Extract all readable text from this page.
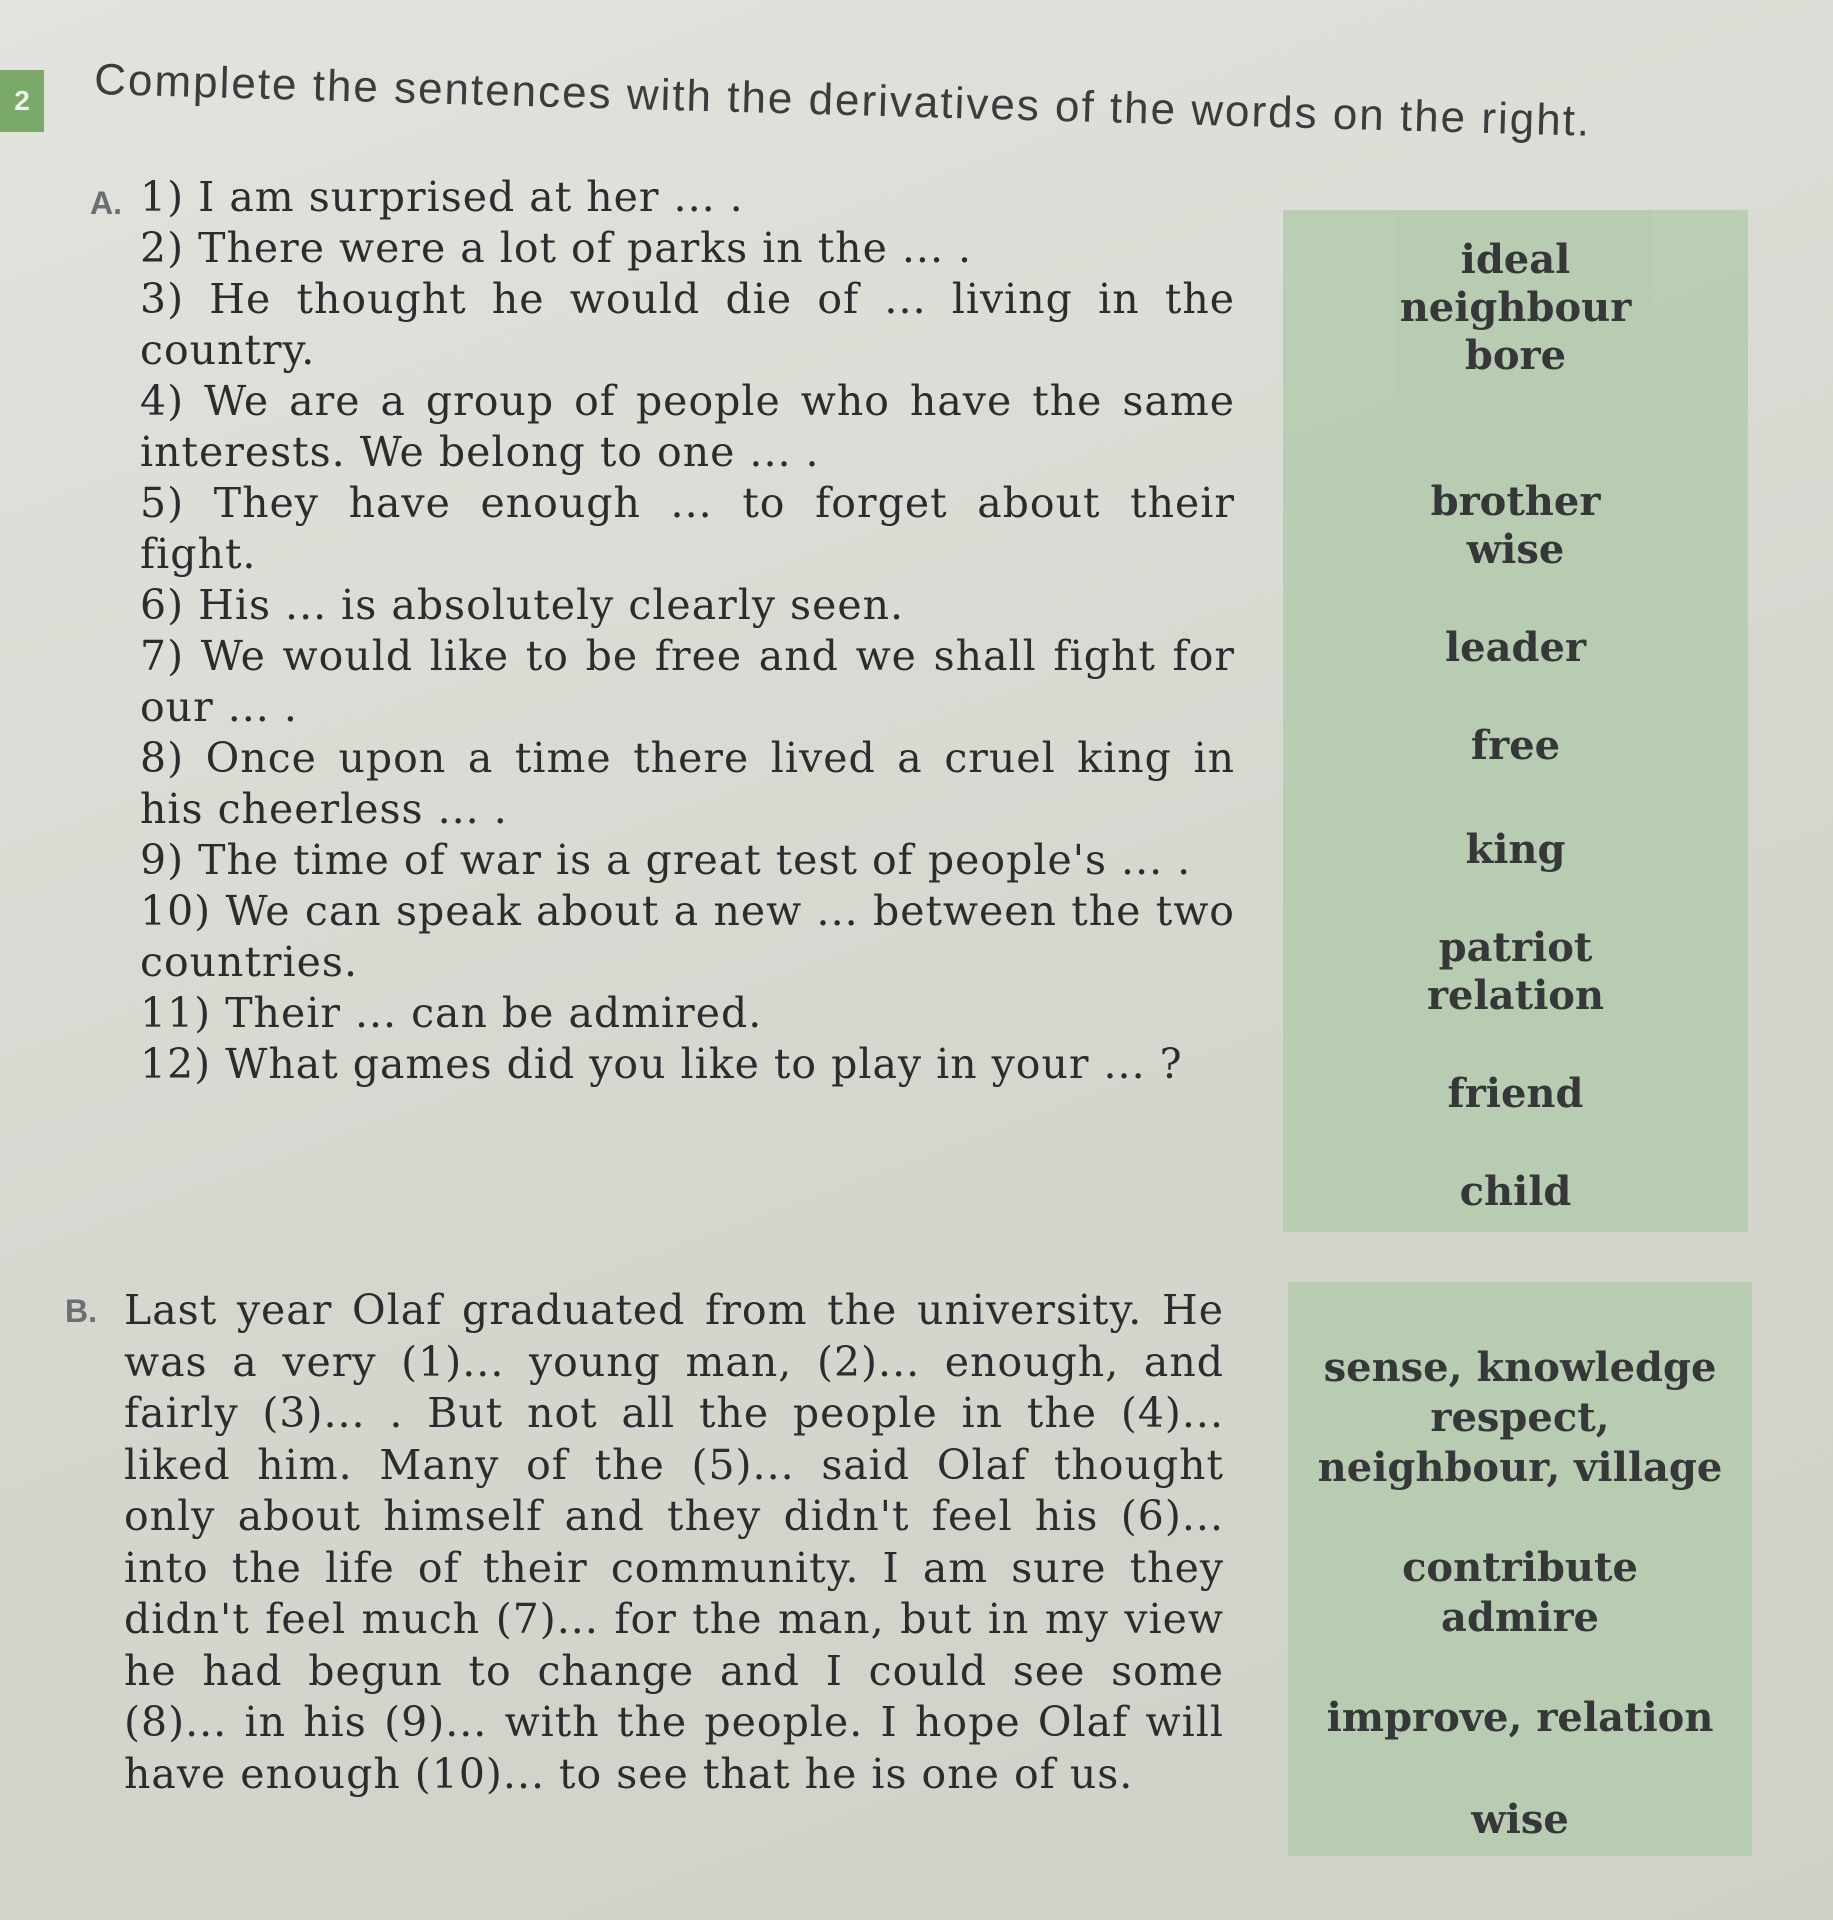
2	Complete the sentences with the derivatives of the words on the right.
A. 1) I am surprised at her ... .

2) There were a lot of parks in the ... .

3) He thought he would die of ... living in the country.

4) We are a group of people who have the same interests. We belong to one ... .

5) They have enough ... to forget about their fight.

6) His ... is absolutely clearly seen.

7) We would like to be free and we shall fight for our ... .

8) Once upon a time there lived a cruel king in his cheerless ... .

9) The time of war is a great test of people's ... .

10) We can speak about a new ... between the two countries.

11) Their ... can be admired.

12) What games did you like to play in your ... ?

ideal
neighbour
bore
brother
wise
leader
free
king
patriot
relation
friend
child
B. Last year Olaf graduated from the university. He was a very (1)... young man, (2)... enough, and fairly (3)... . But not all the people in the (4)... liked him. Many of the (5)... said Olaf thought only about himself and they didn't feel his (6)... into the life of their community. I am sure they didn't feel much (7)... for the man, but in my view he had begun to change and I could see some (8)... in his (9)... with the people. I hope Olaf will have enough (10)... to see that he is one of us.
sense, knowledge
respect,
neighbour, village
contribute
admire
improve, relation
wise
